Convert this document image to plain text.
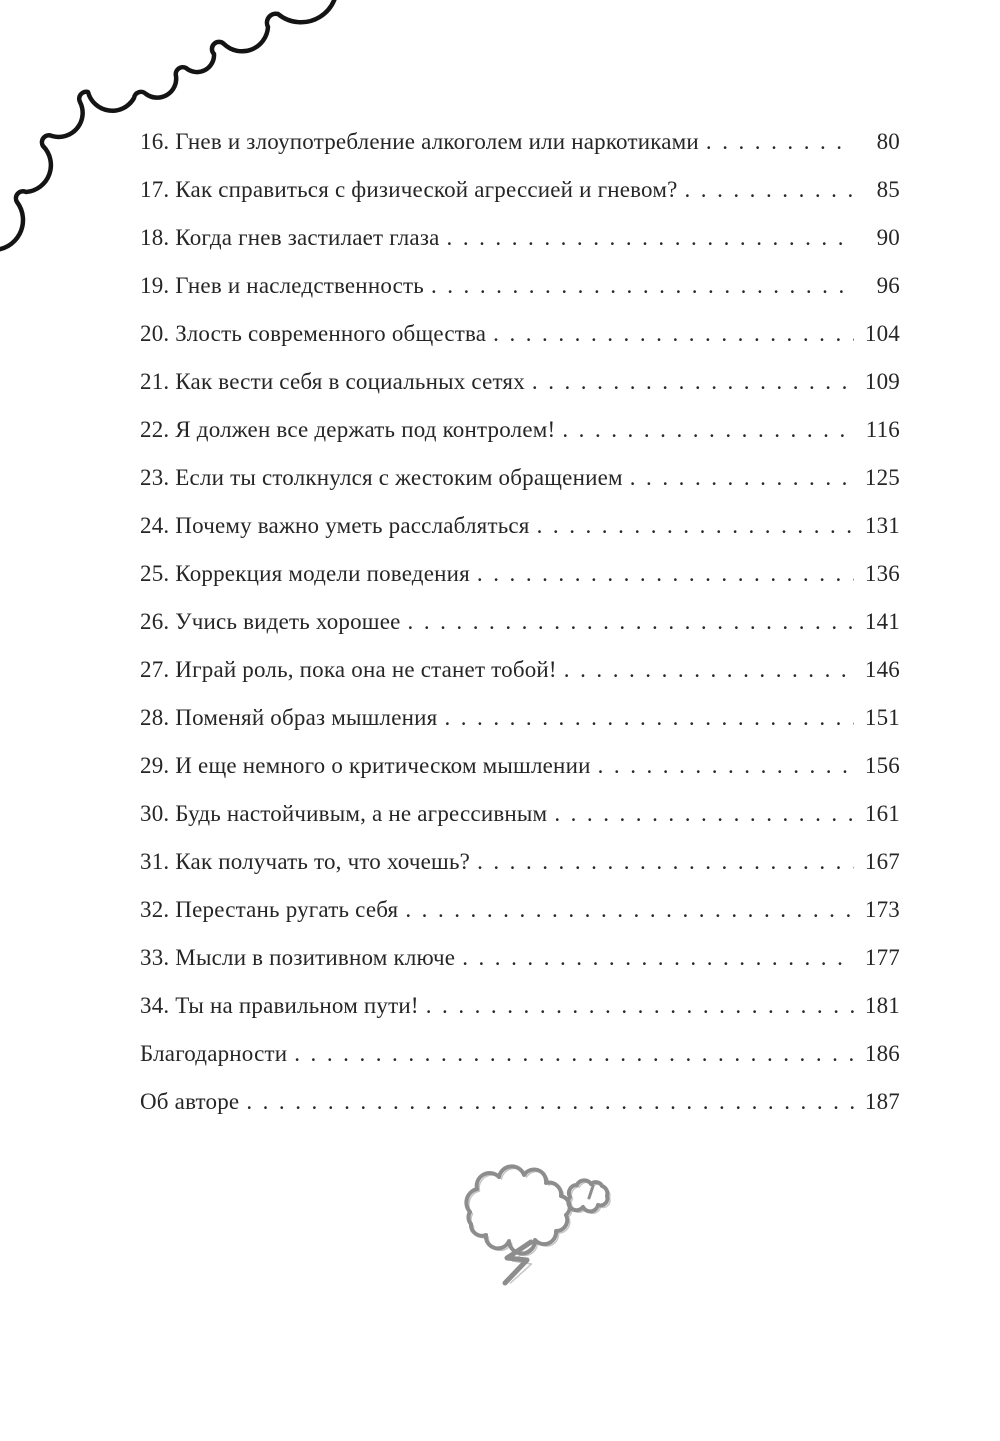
16. Гнев и злоупотребление алкоголем или наркотиками . . .	80
17. Как справиться с физической агрессией и гневом? . . .	85
18. Когда гнев застилает глаза . . .	90
19. Гнев и наследственность . . .	96
20. Злость современного общества . . .	104
21. Как вести себя в социальных сетях . . .	109
22. Я должен все держать под контролем! . . .	116
23. Если ты столкнулся с жестоким обращением . . .	125
24. Почему важно уметь расслабляться . . .	131
25. Коррекция модели поведения . . .	136
26. Учись видеть хорошее . . .	141
27. Играй роль, пока она не станет тобой! . . .	146
28. Поменяй образ мышления . . .	151
29. И еще немного о критическом мышлении . . .	156
30. Будь настойчивым, а не агрессивным . . .	161
31. Как получать то, что хочешь? . . .	167
32. Перестань ругать себя . . .	173
33. Мысли в позитивном ключе . . .	177
34. Ты на правильном пути! . . .	181
Благодарности . . .	186
Об авторе . . .	187
